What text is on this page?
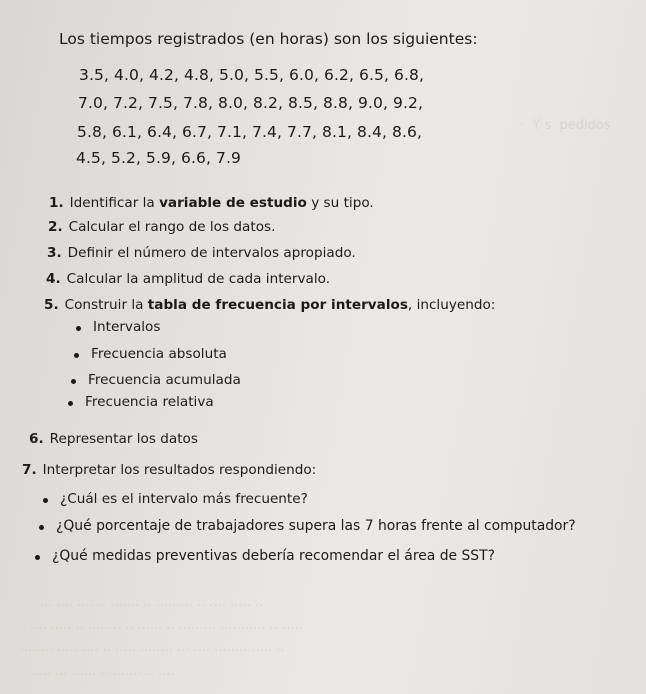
·  Y s  pedidos
... .... .... .. ....... .. ......... .. .... ..... ..
.... ..... .. ........ .. ...... .. ......... ........... .. .....
........ ..... .... .. ..... ........ ... .... ........ ..... ..
..... ... ...... .. ....... .. ....
Los tiempos registrados (en horas) son los siguientes:
3.5, 4.0, 4.2, 4.8, 5.0, 5.5, 6.0, 6.2, 6.5, 6.8,
7.0, 7.2, 7.5, 7.8, 8.0, 8.2, 8.5, 8.8, 9.0, 9.2,
5.8, 6.1, 6.4, 6.7, 7.1, 7.4, 7.7, 8.1, 8.4, 8.6,
4.5, 5.2, 5.9, 6.6, 7.9
1. Identificar la variable de estudio y su tipo.
2. Calcular el rango de los datos.
3. Definir el número de intervalos apropiado.
4. Calcular la amplitud de cada intervalo.
5. Construir la tabla de frecuencia por intervalos, incluyendo:
Intervalos
Frecuencia absoluta
Frecuencia acumulada
Frecuencia relativa
6. Representar los datos
7. Interpretar los resultados respondiendo:
¿Cuál es el intervalo más frecuente?
¿Qué porcentaje de trabajadores supera las 7 horas frente al computador?
¿Qué medidas preventivas debería recomendar el área de SST?
